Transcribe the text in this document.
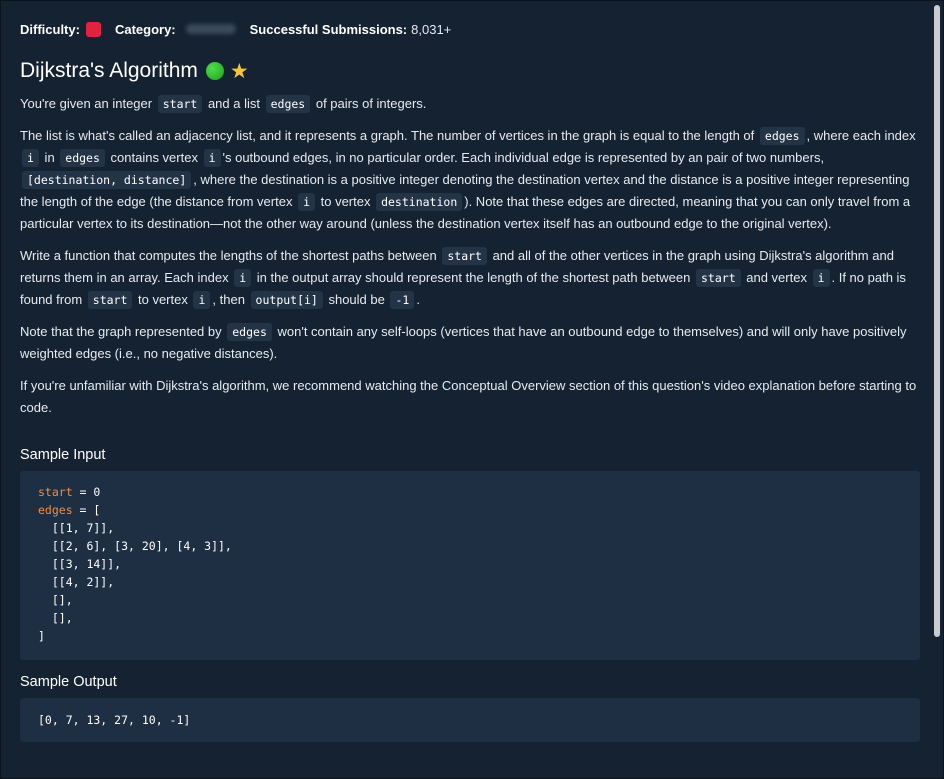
Difficulty:	Category:	Successful Submissions: 8,031+
Dijkstra's Algorithm ★

You're given an integer start and a list edges of pairs of integers.

The list is what's called an adjacency list, and it represents a graph. The number of vertices in the graph is equal to the length of edges , where each index i in edges contains vertex i 's outbound edges, in no particular order. Each individual edge is represented by an pair of two numbers, [destination, distance] , where the destination is a positive integer denoting the destination vertex and the distance is a positive integer representing the length of the edge (the distance from vertex i to vertex destination ). Note that these edges are directed, meaning that you can only travel from a particular vertex to its destination—not the other way around (unless the destination vertex itself has an outbound edge to the original vertex).

Write a function that computes the lengths of the shortest paths between start and all of the other vertices in the graph using Dijkstra's algorithm and returns them in an array. Each index i in the output array should represent the length of the shortest path between start and vertex i . If no path is found from start to vertex i , then output[i] should be -1 .

Note that the graph represented by edges won't contain any self-loops (vertices that have an outbound edge to themselves) and will only have positively weighted edges (i.e., no negative distances).

If you're unfamiliar with Dijkstra's algorithm, we recommend watching the Conceptual Overview section of this question's video explanation before starting to code.

Sample Input
start = 0
edges = [
[[1, 7]],
[[2, 6], [3, 20], [4, 3]],
[[3, 14]],
[[4, 2]],
[],
[],
]
Sample Output
[0, 7, 13, 27, 10, -1]
